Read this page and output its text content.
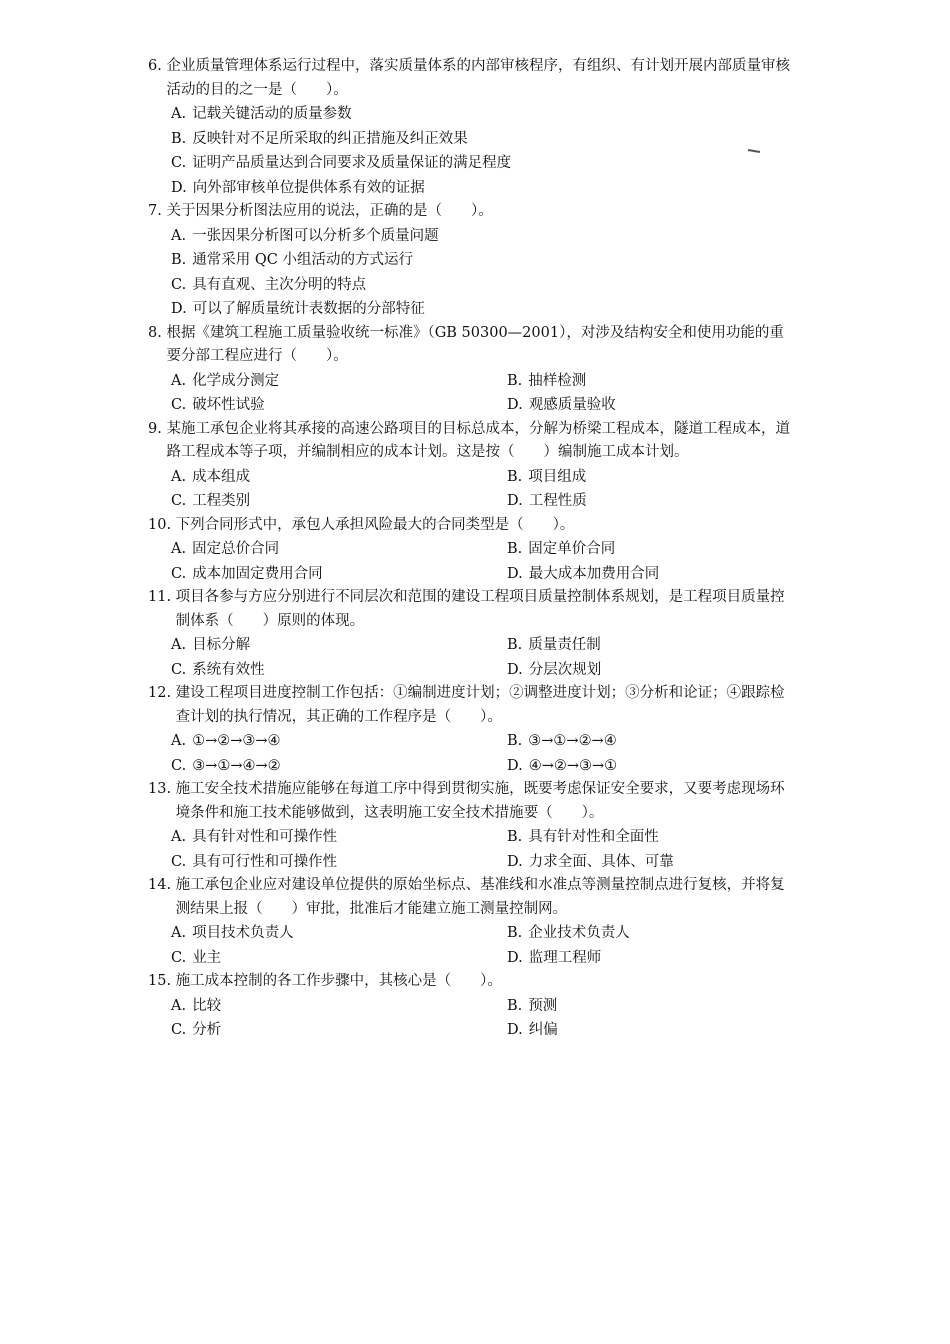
6.
企业质量管理体系运行过程中，落实质量体系的内部审核程序，有组织、有计划开展内部质量审核活动的目的之一是（　　）。
A. 记载关键活动的质量参数
B. 反映针对不足所采取的纠正措施及纠正效果
C. 证明产品质量达到合同要求及质量保证的满足程度
D. 向外部审核单位提供体系有效的证据
7.
关于因果分析图法应用的说法，正确的是（　　）。
A. 一张因果分析图可以分析多个质量问题
B. 通常采用 QC 小组活动的方式运行
C. 具有直观、主次分明的特点
D. 可以了解质量统计表数据的分部特征
8.
根据《建筑工程施工质量验收统一标准》（GB 50300—2001），对涉及结构安全和使用功能的重要分部工程应进行（　　）。
A. 化学成分测定	B. 抽样检测
C. 破坏性试验	D. 观感质量验收
9.
某施工承包企业将其承接的高速公路项目的目标总成本，分解为桥梁工程成本，隧道工程成本，道路工程成本等子项，并编制相应的成本计划。这是按（　　）编制施工成本计划。
A. 成本组成	B. 项目组成
C. 工程类别	D. 工程性质
10.
下列合同形式中，承包人承担风险最大的合同类型是（　　）。
A. 固定总价合同	B. 固定单价合同
C. 成本加固定费用合同	D. 最大成本加费用合同
11.
项目各参与方应分别进行不同层次和范围的建设工程项目质量控制体系规划，是工程项目质量控制体系（　　）原则的体现。
A. 目标分解	B. 质量责任制
C. 系统有效性	D. 分层次规划
12.
建设工程项目进度控制工作包括：①编制进度计划；②调整进度计划；③分析和论证；④跟踪检查计划的执行情况，其正确的工作程序是（　　）。
A. ①→②→③→④	B. ③→①→②→④
C. ③→①→④→②	D. ④→②→③→①
13.
施工安全技术措施应能够在每道工序中得到贯彻实施，既要考虑保证安全要求，又要考虑现场环境条件和施工技术能够做到，这表明施工安全技术措施要（　　）。
A. 具有针对性和可操作性	B. 具有针对性和全面性
C. 具有可行性和可操作性	D. 力求全面、具体、可靠
14.
施工承包企业应对建设单位提供的原始坐标点、基准线和水准点等测量控制点进行复核，并将复测结果上报（　　）审批，批准后才能建立施工测量控制网。
A. 项目技术负责人	B. 企业技术负责人
C. 业主	D. 监理工程师
15.
施工成本控制的各工作步骤中，其核心是（　　）。
A. 比较	B. 预测
C. 分析	D. 纠偏
